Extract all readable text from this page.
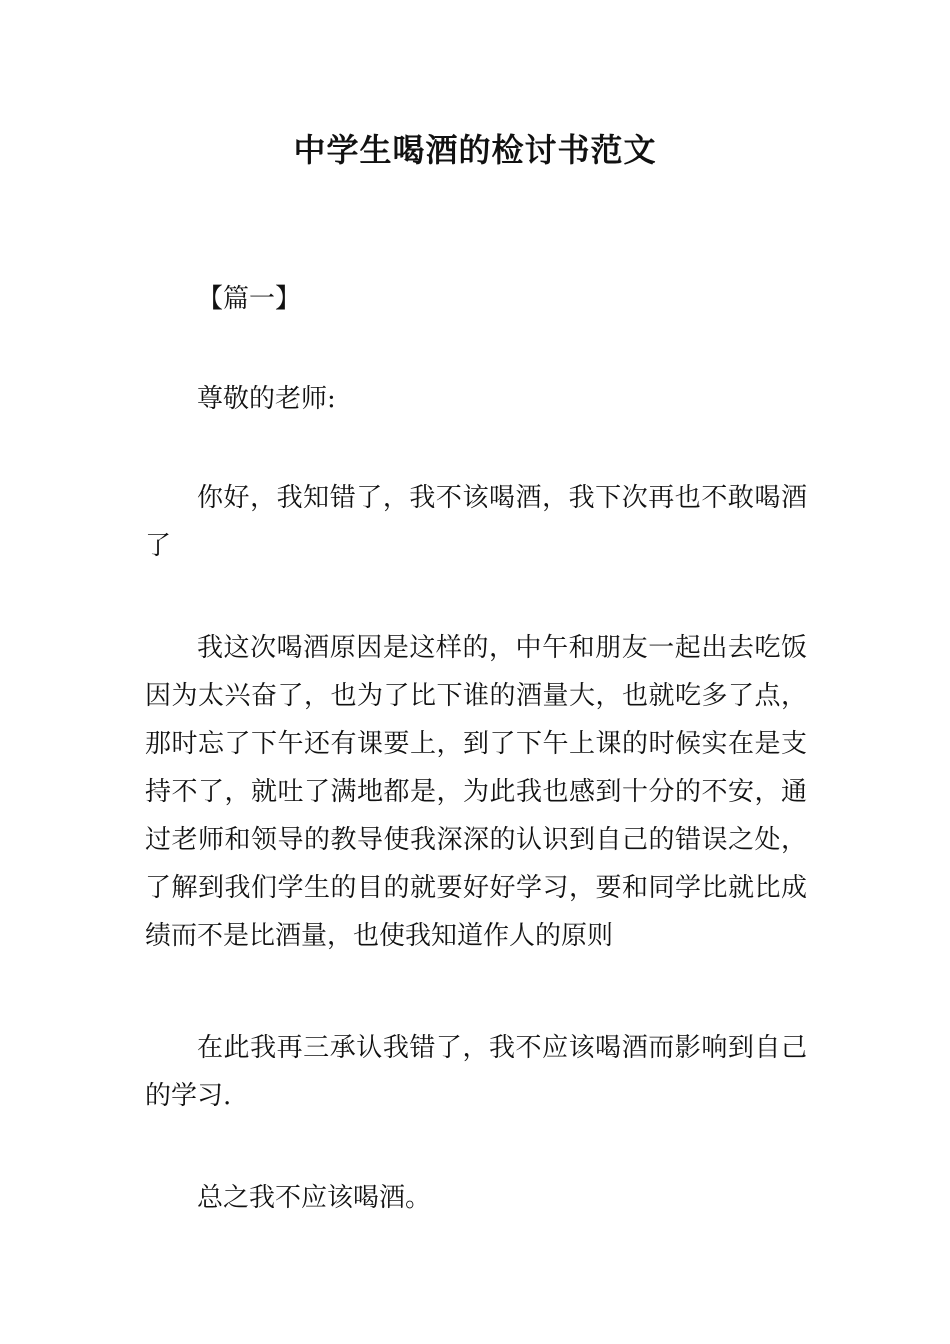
中学生喝酒的检讨书范文

【篇一】

尊敬的老师:

你好，我知错了，我不该喝酒，我下次再也不敢喝酒了

我这次喝酒原因是这样的，中午和朋友一起出去吃饭因为太兴奋了，也为了比下谁的酒量大，也就吃多了点，那时忘了下午还有课要上，到了下午上课的时候实在是支持不了，就吐了满地都是，为此我也感到十分的不安，通过老师和领导的教导使我深深的认识到自己的错误之处，了解到我们学生的目的就要好好学习，要和同学比就比成绩而不是比酒量，也使我知道作人的原则

在此我再三承认我错了，我不应该喝酒而影响到自己的学习.

总之我不应该喝酒。
